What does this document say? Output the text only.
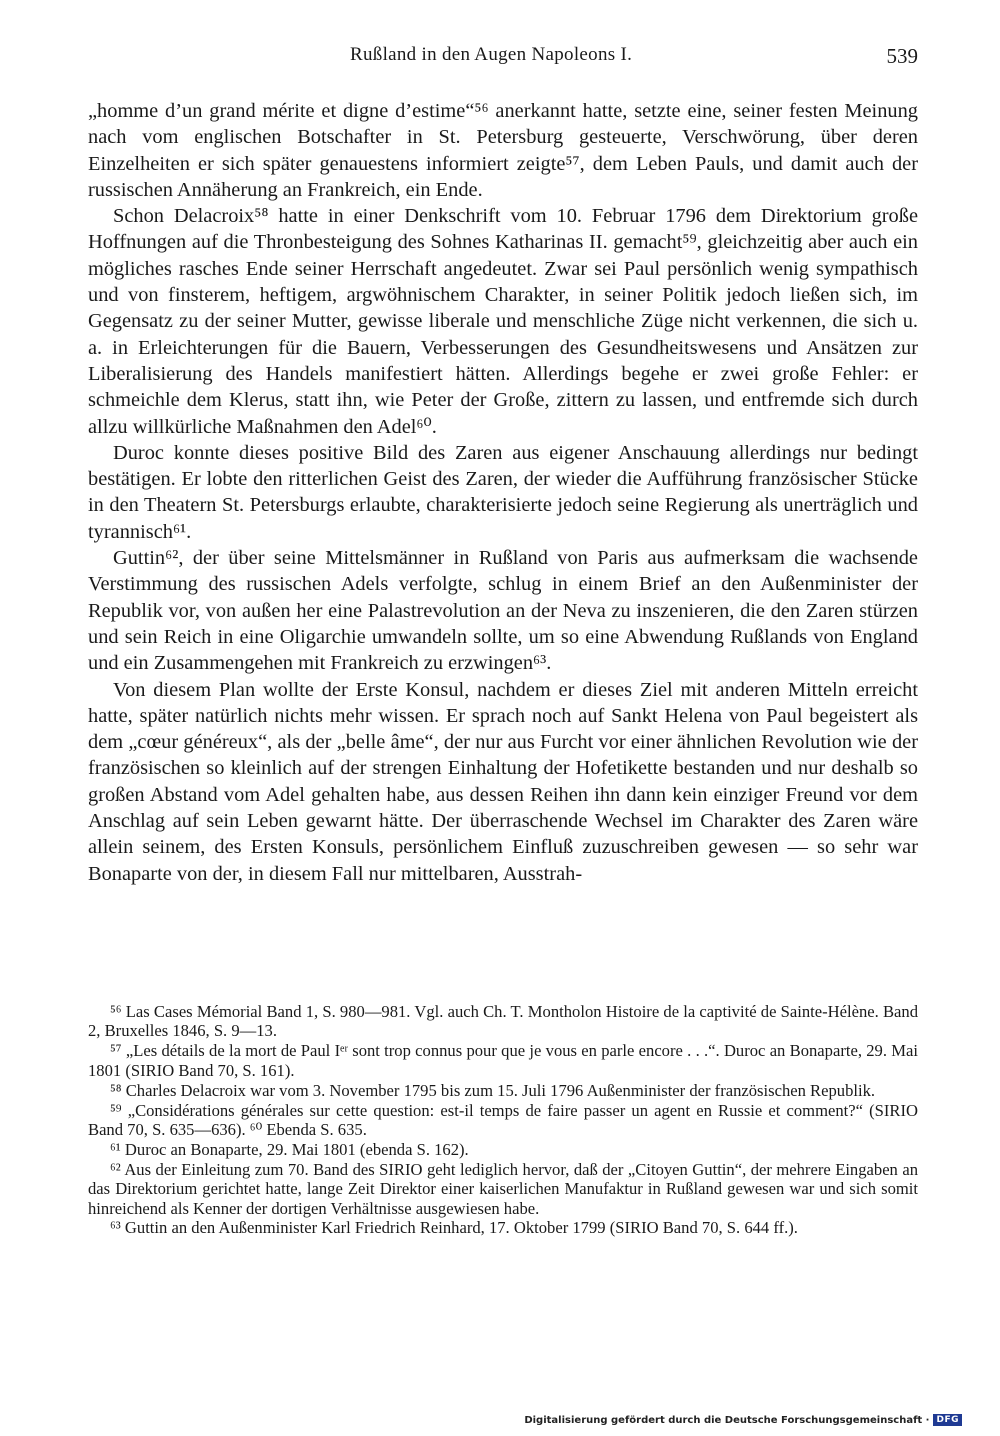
Rußland in den Augen Napoleons I.	539

„homme d’un grand mérite et digne d’estime“⁵⁶ anerkannt hatte, setzte eine, seiner festen Meinung nach vom englischen Botschafter in St. Petersburg gesteuerte, Verschwörung, über deren Einzelheiten er sich später genauestens informiert zeigte⁵⁷, dem Leben Pauls, und damit auch der russischen Annäherung an Frankreich, ein Ende.

Schon Delacroix⁵⁸ hatte in einer Denkschrift vom 10. Februar 1796 dem Direktorium große Hoffnungen auf die Thronbesteigung des Sohnes Katharinas II. gemacht⁵⁹, gleichzeitig aber auch ein mögliches rasches Ende seiner Herrschaft angedeutet. Zwar sei Paul persönlich wenig sympathisch und von finsterem, heftigem, argwöhnischem Charakter, in seiner Politik jedoch ließen sich, im Gegensatz zu der seiner Mutter, gewisse liberale und menschliche Züge nicht verkennen, die sich u. a. in Erleichterungen für die Bauern, Verbesserungen des Gesundheitswesens und Ansätzen zur Liberalisierung des Handels manifestiert hätten. Allerdings begehe er zwei große Fehler: er schmeichle dem Klerus, statt ihn, wie Peter der Große, zittern zu lassen, und entfremde sich durch allzu willkürliche Maßnahmen den Adel⁶⁰.

Duroc konnte dieses positive Bild des Zaren aus eigener Anschauung allerdings nur bedingt bestätigen. Er lobte den ritterlichen Geist des Zaren, der wieder die Aufführung französischer Stücke in den Theatern St. Petersburgs erlaubte, charakterisierte jedoch seine Regierung als unerträglich und tyrannisch⁶¹.

Guttin⁶², der über seine Mittelsmänner in Rußland von Paris aus aufmerksam die wachsende Verstimmung des russischen Adels verfolgte, schlug in einem Brief an den Außenminister der Republik vor, von außen her eine Palastrevolution an der Neva zu inszenieren, die den Zaren stürzen und sein Reich in eine Oligarchie umwandeln sollte, um so eine Abwendung Rußlands von England und ein Zusammengehen mit Frankreich zu erzwingen⁶³.

Von diesem Plan wollte der Erste Konsul, nachdem er dieses Ziel mit anderen Mitteln erreicht hatte, später natürlich nichts mehr wissen. Er sprach noch auf Sankt Helena von Paul begeistert als dem „cœur généreux“, als der „belle âme“, der nur aus Furcht vor einer ähnlichen Revolution wie der französischen so kleinlich auf der strengen Einhaltung der Hofetikette bestanden und nur deshalb so großen Abstand vom Adel gehalten habe, aus dessen Reihen ihn dann kein einziger Freund vor dem Anschlag auf sein Leben gewarnt hätte. Der überraschende Wechsel im Charakter des Zaren wäre allein seinem, des Ersten Konsuls, persönlichem Einfluß zuzuschreiben gewesen — so sehr war Bonaparte von der, in diesem Fall nur mittelbaren, Ausstrah-

⁵⁶ Las Cases Mémorial Band 1, S. 980—981. Vgl. auch Ch. T. Montholon Histoire de la captivité de Sainte-Hélène. Band 2, Bruxelles 1846, S. 9—13.

⁵⁷ „Les détails de la mort de Paul Iᵉʳ sont trop connus pour que je vous en parle encore . . .“. Duroc an Bonaparte, 29. Mai 1801 (SIRIO Band 70, S. 161).

⁵⁸ Charles Delacroix war vom 3. November 1795 bis zum 15. Juli 1796 Außenminister der französischen Republik.

⁵⁹ „Considérations générales sur cette question: est-il temps de faire passer un agent en Russie et comment?“ (SIRIO Band 70, S. 635—636). ⁶⁰ Ebenda S. 635.

⁶¹ Duroc an Bonaparte, 29. Mai 1801 (ebenda S. 162).

⁶² Aus der Einleitung zum 70. Band des SIRIO geht lediglich hervor, daß der „Citoyen Guttin“, der mehrere Eingaben an das Direktorium gerichtet hatte, lange Zeit Direktor einer kaiserlichen Manufaktur in Rußland gewesen war und sich somit hinreichend als Kenner der dortigen Verhältnisse ausgewiesen habe.

⁶³ Guttin an den Außenminister Karl Friedrich Reinhard, 17. Oktober 1799 (SIRIO Band 70, S. 644 ff.).

Digitalisierung gefördert durch die Deutsche Forschungsgemeinschaft · DFG
